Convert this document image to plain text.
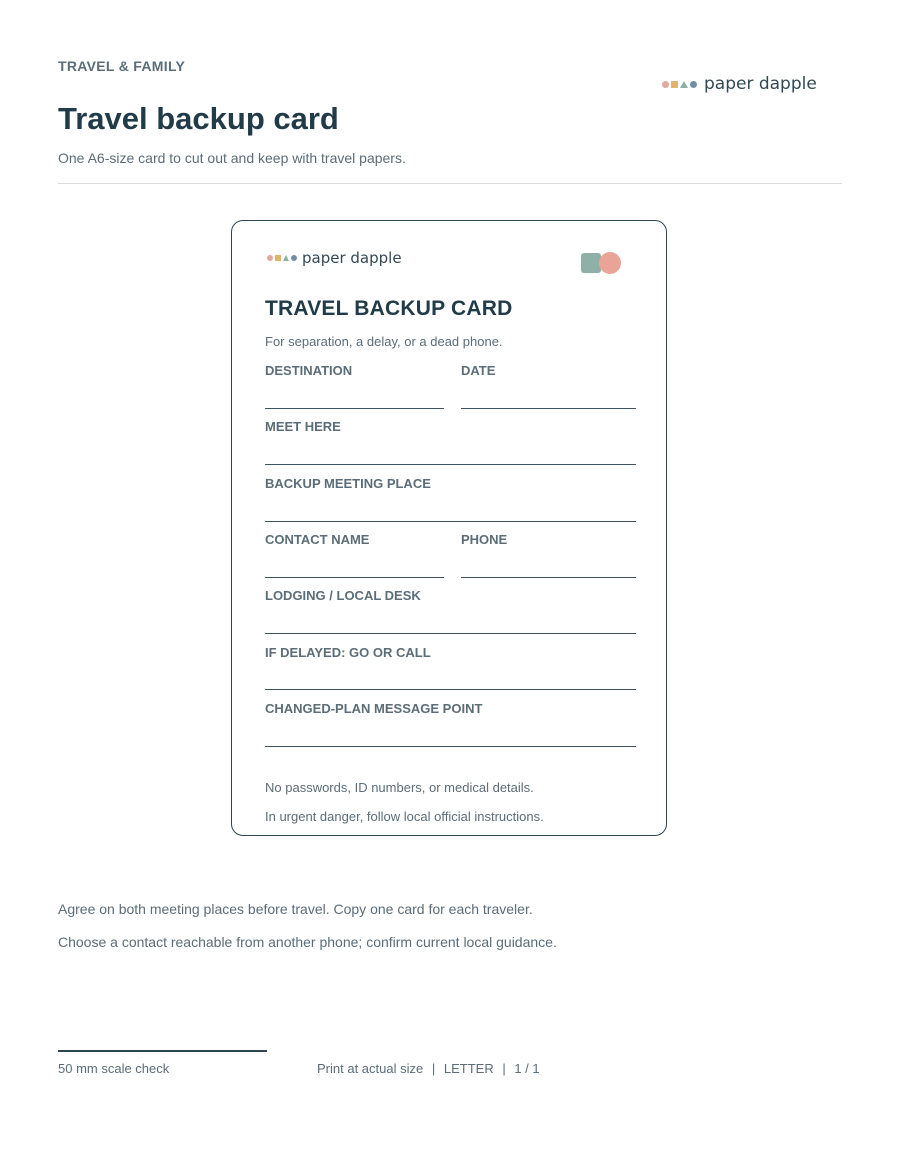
TRAVEL & FAMILY
paper dapple
Travel backup card
One A6-size card to cut out and keep with travel papers.
paper dapple
TRAVEL BACKUP CARD
For separation, a delay, or a dead phone.
DESTINATION	DATE
MEET HERE
BACKUP MEETING PLACE
CONTACT NAME	PHONE
LODGING / LOCAL DESK
IF DELAYED: GO OR CALL
CHANGED-PLAN MESSAGE POINT
No passwords, ID numbers, or medical details.
In urgent danger, follow local official instructions.
Agree on both meeting places before travel. Copy one card for each traveler.
Choose a contact reachable from another phone; confirm current local guidance.
50 mm scale check	Print at actual size | LETTER | 1 / 1
